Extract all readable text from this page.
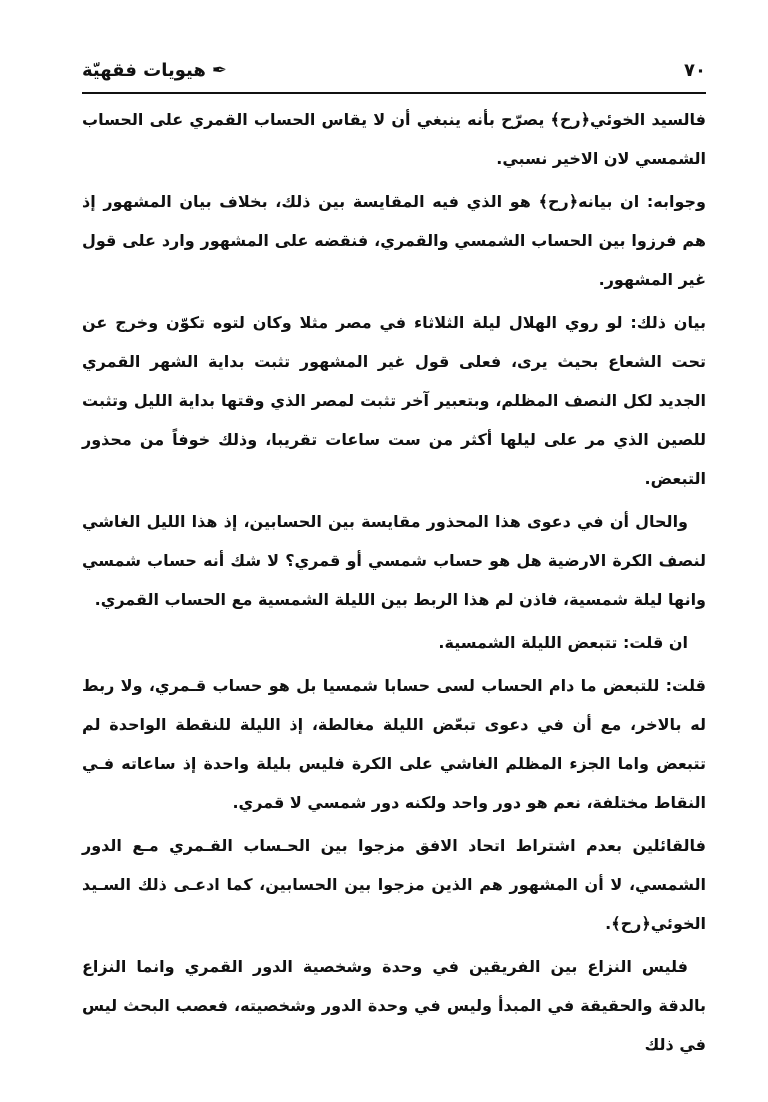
✒هيويات فقهيّة	٧٠

فالسيد الخوئي﴿رح﴾ يصرّح بأنه ينبغي أن لا يقاس الحساب القمري على الحساب الشمسي لان الاخير نسبي.

وجوابه: ان بيانه﴿رح﴾ هو الذي فيه المقايسة بين ذلك، بخلاف بيان المشهور إذ هم فرزوا بين الحساب الشمسي والقمري، فنقضه على المشهور وارد على قول غير المشهور.

بيان ذلك: لو روي الهلال ليلة الثلاثاء في مصر مثلا وكان لتوه تكوّن وخرج عن تحت الشعاع بحيث يرى، فعلى قول غير المشهور تثبت بداية الشهر القمري الجديد لكل النصف المظلم، وبتعبير آخر تثبت لمصر الذي وقتها بداية الليل وتثبت للصين الذي مر على ليلها أكثر من ست ساعات تقريبا، وذلك خوفاً من محذور التبعض.

والحال أن في دعوى هذا المحذور مقايسة بين الحسابين، إذ هذا الليل الغاشي لنصف الكرة الارضية هل هو حساب شمسي أو قمري؟ لا شك أنه حساب شمسي وانها ليلة شمسية، فاذن لم هذا الربط بين الليلة الشمسية مع الحساب القمري.

ان قلت: تتبعض الليلة الشمسية.

قلت: للتبعض ما دام الحساب لسى حسابا شمسيا بل هو حساب قـمري، ولا ربط له بالاخر، مع أن في دعوى تبعّض الليلة مغالطة، إذ الليلة للنقطة الواحدة لم تتبعض واما الجزء المظلم الغاشي على الكرة فليس بليلة واحدة إذ ساعاته فـي النقاط مختلفة، نعم هو دور واحد ولكنه دور شمسي لا قمري.

فالقائلين بعدم اشتراط اتحاد الافق مزجوا بين الحـساب القـمري مـع الدور الشمسي، لا أن المشهور هم الذين مزجوا بين الحسابين، كما ادعـى ذلك السـيد الخوئي﴿رح﴾.

فليس النزاع بين الفريقين في وحدة وشخصية الدور القمري وانما النزاع بالدقة والحقيقة في المبدأ وليس في وحدة الدور وشخصيته، فعصب البحث ليس في ذلك
